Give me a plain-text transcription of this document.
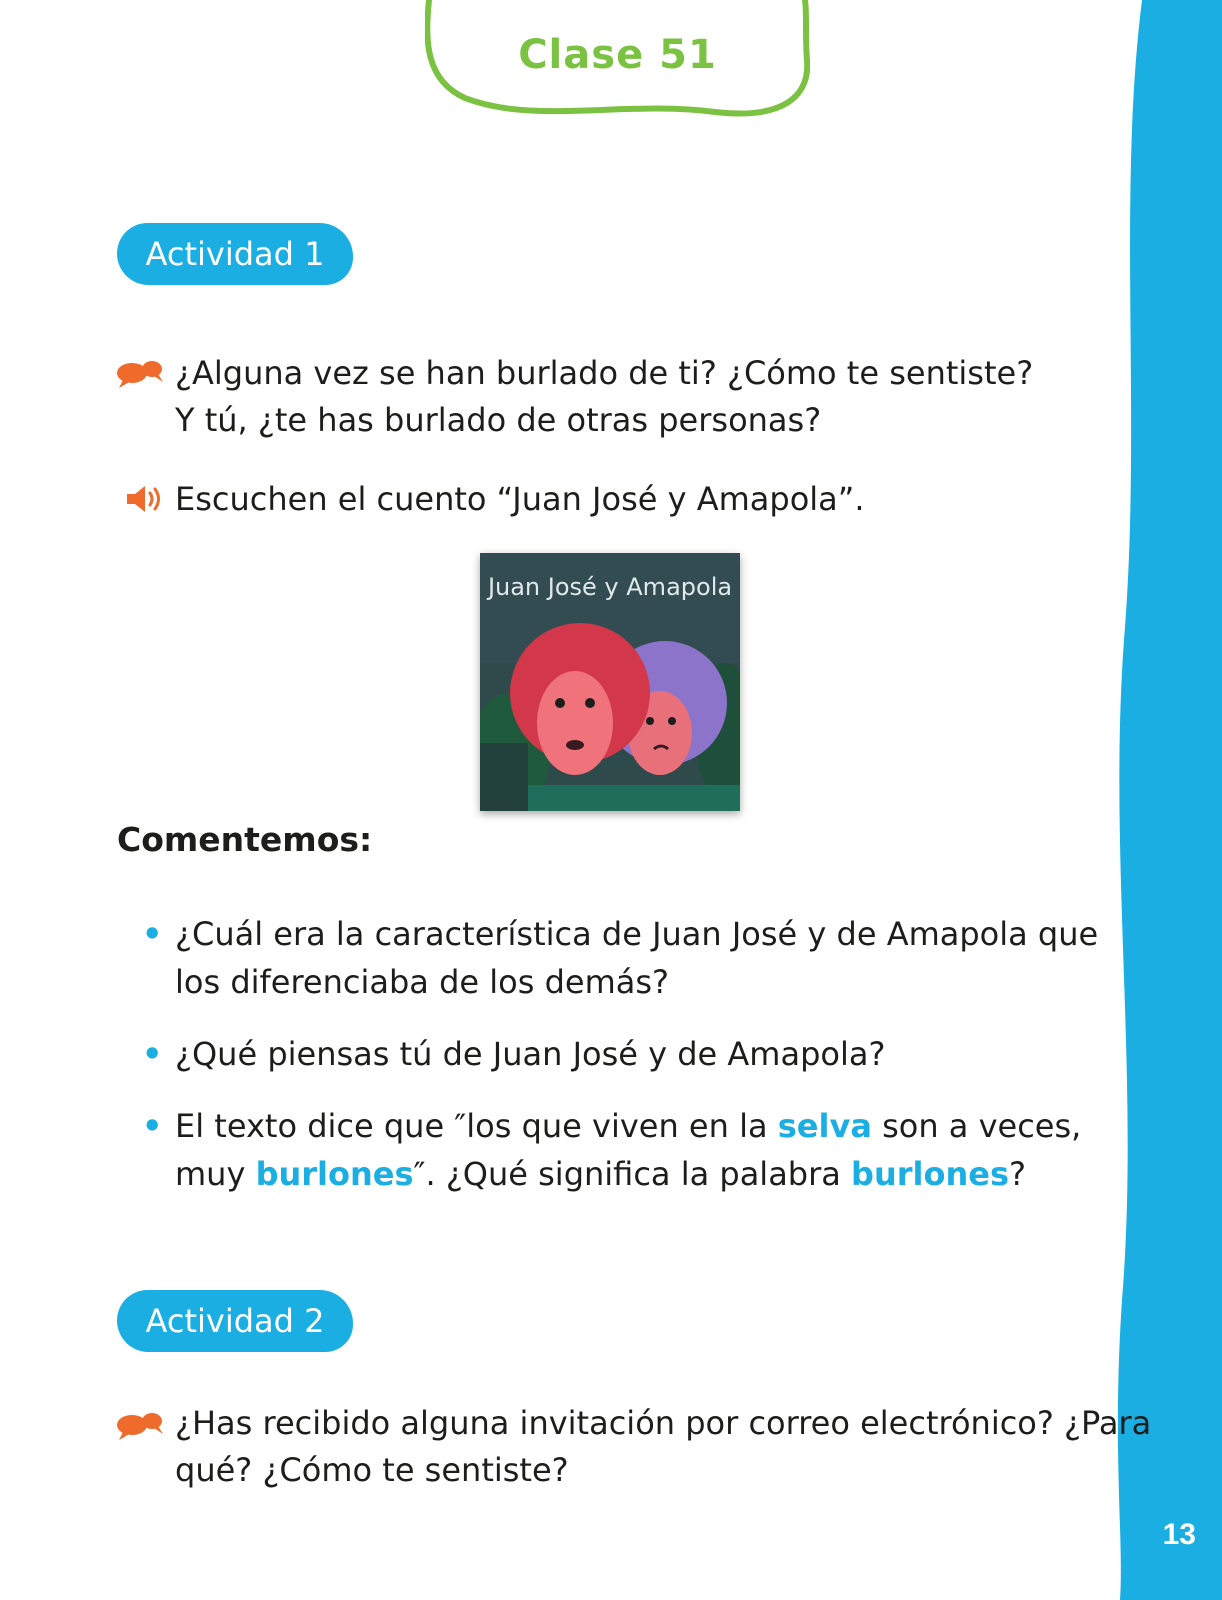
13
Clase 51
Actividad 1
¿Alguna vez se han burlado de ti? ¿Cómo te sentiste?
Y tú, ¿te has burlado de otras personas?
Escuchen el cuento “Juan José y Amapola”.
Juan José y Amapola
Comentemos:
• ¿Cuál era la característica de Juan José y de Amapola que
los diferenciaba de los demás?
• ¿Qué piensas tú de Juan José y de Amapola?
• El texto dice que ″los que viven en la selva son a veces,
muy burlones″. ¿Qué significa la palabra burlones?
Actividad 2
¿Has recibido alguna invitación por correo electrónico? ¿Para
qué? ¿Cómo te sentiste?
